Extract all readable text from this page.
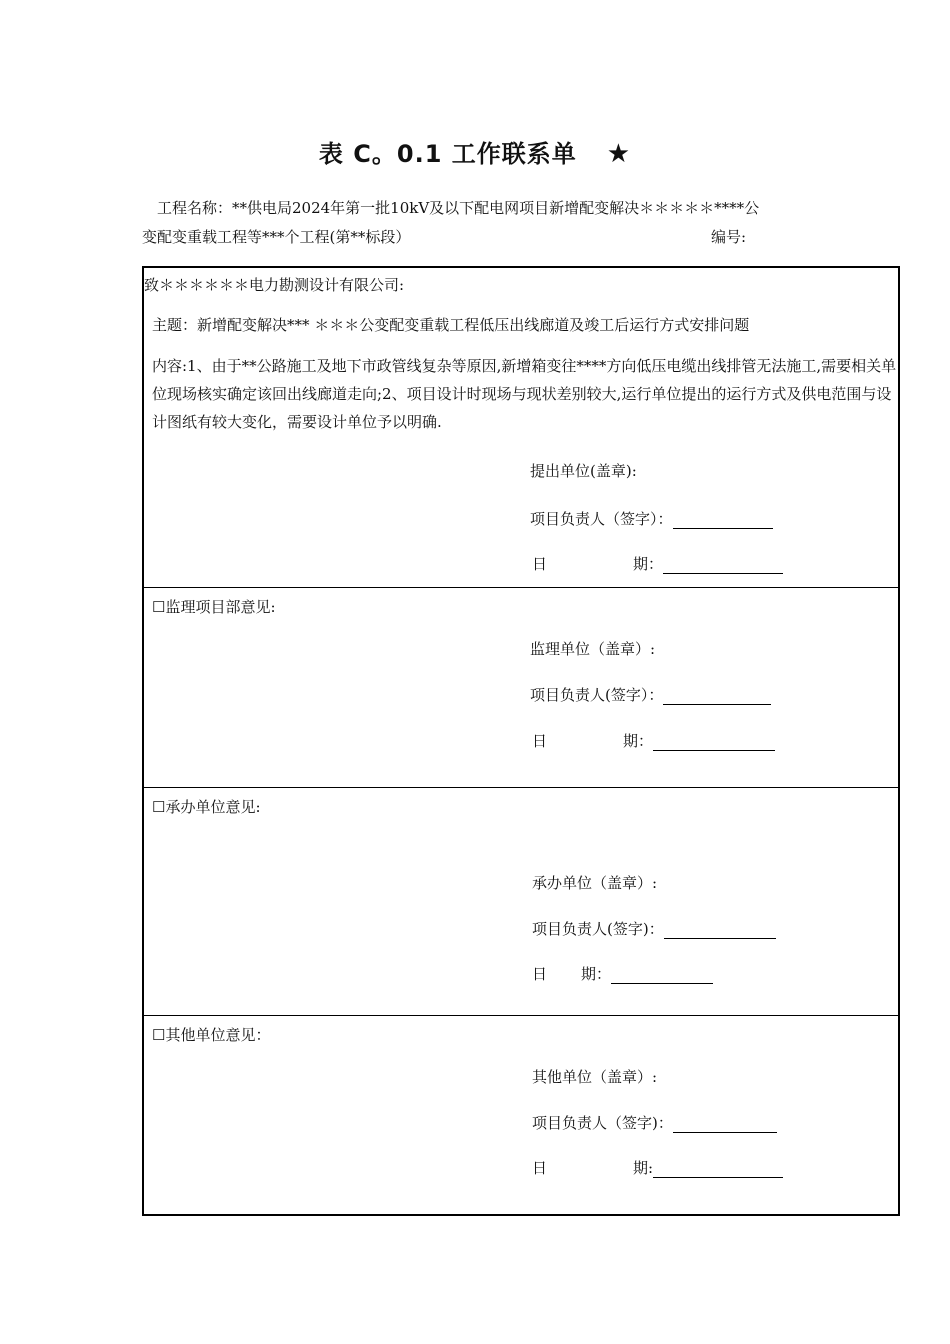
表 C。0.1 工作联系单 ★
工程名称：**供电局2024年第一批10kV及以下配电网项目新增配变解决＊＊＊＊＊****公
变配变重载工程等***个工程(第**标段）	编号:
致＊＊＊＊＊＊电力勘测设计有限公司:
主题：新增配变解决*** ＊＊＊公变配变重载工程低压出线廊道及竣工后运行方式安排问题
内容:1、由于**公路施工及地下市政管线复杂等原因,新增箱变往****方向低压电缆出线排管无法施工,需要相关单位现场核实确定该回出线廊道走向;2、项目设计时现场与现状差别较大,运行单位提出的运行方式及供电范围与设计图纸有较大变化，需要设计单位予以明确.
提出单位(盖章):
项目负责人（签字）：
日	期：
☐监理项目部意见:
监理单位（盖章）:
项目负责人(签字）：
日	期：
☐承办单位意见:
承办单位（盖章）:
项目负责人(签字)：
日 期：
☐其他单位意见：
其他单位（盖章）:
项目负责人（签字)：
日	期:
